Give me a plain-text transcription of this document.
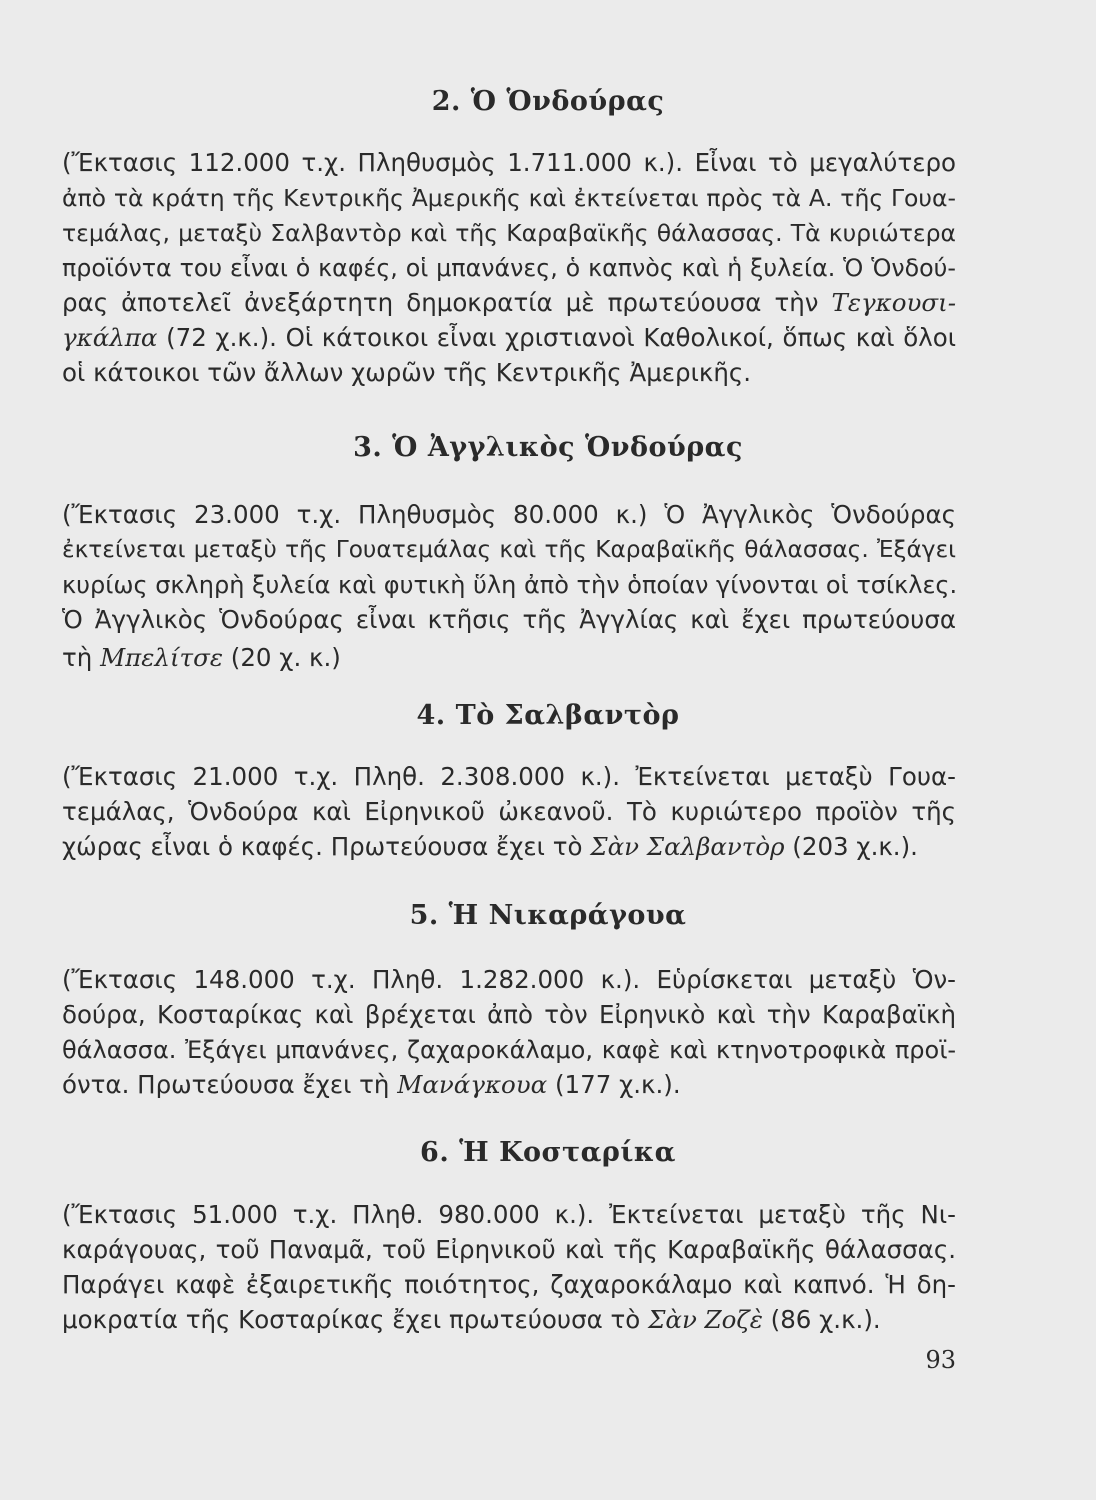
2. Ὁ Ὁνδούρας
(Ἔκτασις 112.000 τ.χ. Πληθυσμὸς 1.711.000 κ.). Εἶναι τὸ μεγαλύτερο
ἀπὸ τὰ κράτη τῆς Κεντρικῆς Ἀμερικῆς καὶ ἐκτείνεται πρὸς τὰ Α. τῆς Γουα-
τεμάλας, μεταξὺ Σαλβαντὸρ καὶ τῆς Καραβαϊκῆς θάλασσας. Τὰ κυριώτερα
προϊόντα του εἶναι ὁ καφές, οἱ μπανάνες, ὁ καπνὸς καὶ ἡ ξυλεία. Ὁ Ὁνδού-
ρας ἀποτελεῖ ἀνεξάρτητη δημοκρατία μὲ πρωτεύουσα τὴν Τεγκουσι-
γκάλπα (72 χ.κ.). Οἱ κάτοικοι εἶναι χριστιανοὶ Καθολικοί, ὅπως καὶ ὅλοι
οἱ κάτοικοι τῶν ἄλλων χωρῶν τῆς Κεντρικῆς Ἀμερικῆς.
3. Ὁ Ἀγγλικὸς Ὁνδούρας
(Ἔκτασις 23.000 τ.χ. Πληθυσμὸς 80.000 κ.) Ὁ Ἀγγλικὸς Ὁνδούρας
ἐκτείνεται μεταξὺ τῆς Γουατεμάλας καὶ τῆς Καραβαϊκῆς θάλασσας. Ἐξάγει
κυρίως σκληρὴ ξυλεία καὶ φυτικὴ ὕλη ἀπὸ τὴν ὁποίαν γίνονται οἱ τσίκλες.
Ὁ Ἀγγλικὸς Ὁνδούρας εἶναι κτῆσις τῆς Ἀγγλίας καὶ ἔχει πρωτεύουσα
τὴ Μπελίτσε (20 χ. κ.)
4. Τὸ Σαλβαντὸρ
(Ἔκτασις 21.000 τ.χ. Πληθ. 2.308.000 κ.). Ἐκτείνεται μεταξὺ Γουα-
τεμάλας, Ὁνδούρα καὶ Εἰρηνικοῦ ὠκεανοῦ. Τὸ κυριώτερο προϊὸν τῆς
χώρας εἶναι ὁ καφές. Πρωτεύουσα ἔχει τὸ Σὰν Σαλβαντὸρ (203 χ.κ.).
5. Ἡ Νικαράγουα
(Ἔκτασις 148.000 τ.χ. Πληθ. 1.282.000 κ.). Εὑρίσκεται μεταξὺ Ὁν-
δούρα, Κοσταρίκας καὶ βρέχεται ἀπὸ τὸν Εἰρηνικὸ καὶ τὴν Καραβαϊκὴ
θάλασσα. Ἐξάγει μπανάνες, ζαχαροκάλαμο, καφὲ καὶ κτηνοτροφικὰ προϊ-
όντα. Πρωτεύουσα ἔχει τὴ Μανάγκουα (177 χ.κ.).
6. Ἡ Κοσταρίκα
(Ἔκτασις 51.000 τ.χ. Πληθ. 980.000 κ.). Ἐκτείνεται μεταξὺ τῆς Νι-
καράγουας, τοῦ Παναμᾶ, τοῦ Εἰρηνικοῦ καὶ τῆς Καραβαϊκῆς θάλασσας.
Παράγει καφὲ ἐξαιρετικῆς ποιότητος, ζαχαροκάλαμο καὶ καπνό. Ἡ δη-
μοκρατία τῆς Κοσταρίκας ἔχει πρωτεύουσα τὸ Σὰν Ζοζὲ (86 χ.κ.).
93
